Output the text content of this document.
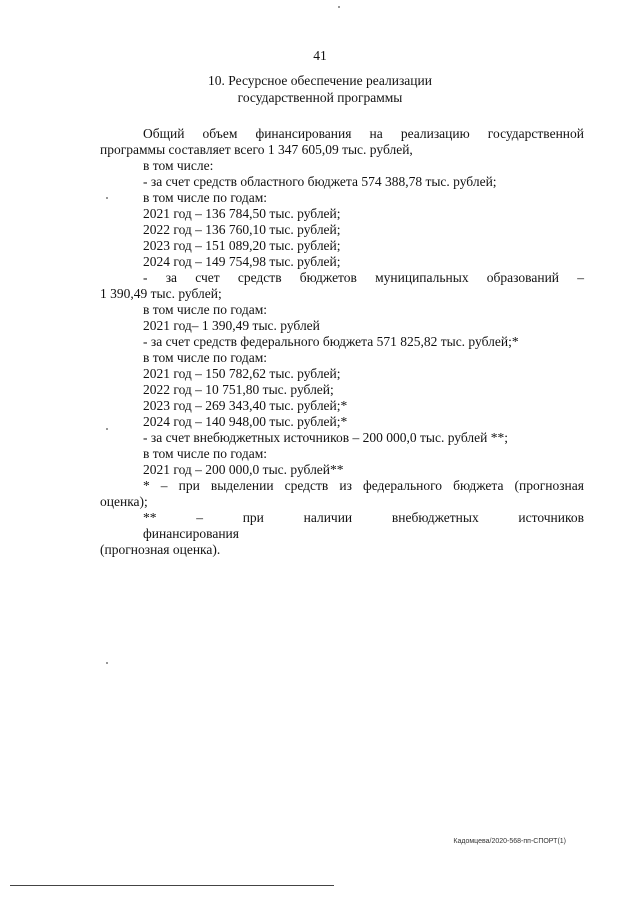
41
10. Ресурсное обеспечение реализации
государственной программы

Общий объем финансирования на реализацию государственной

программы составляет всего 1 347 605,09 тыс. рублей,

в том числе:

- за счет средств областного бюджета 574 388,78 тыс. рублей;

в том числе по годам:

2021 год – 136 784,50 тыс. рублей;

2022 год – 136 760,10 тыс. рублей;

2023 год – 151 089,20 тыс. рублей;

2024 год – 149 754,98 тыс. рублей;

- за счет средств бюджетов муниципальных образований –

1 390,49 тыс. рублей;

в том числе по годам:

2021 год– 1 390,49 тыс. рублей

- за счет средств федерального бюджета 571 825,82 тыс. рублей;*

в том числе по годам:

2021 год – 150 782,62 тыс. рублей;

2022 год – 10 751,80 тыс. рублей;

2023 год – 269 343,40 тыс. рублей;*

2024 год – 140 948,00 тыс. рублей;*

- за счет внебюджетных источников – 200 000,0 тыс. рублей **;

в том числе по годам:

2021 год – 200 000,0 тыс. рублей**

* – при выделении средств из федерального бюджета (прогнозная

оценка);

** – при наличии внебюджетных источников финансирования

(прогнозная оценка).

Кадомцева/2020-568-пп-СПОРТ(1)
